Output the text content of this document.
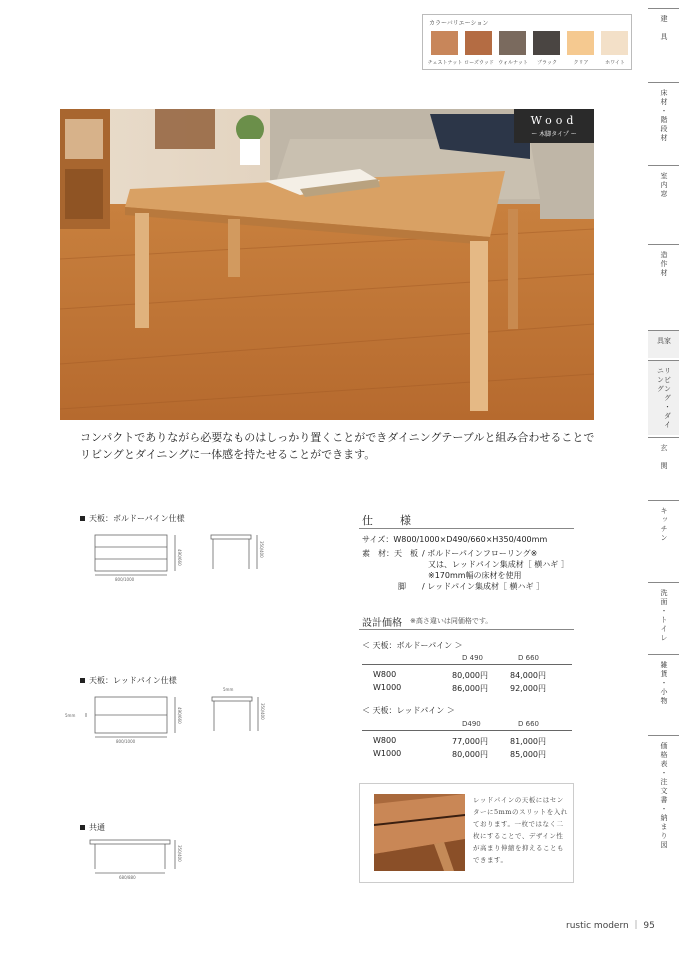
カラーバリエーション
チェストナット ローズウッド ウォルナット	ブラック	クリア	ホワイト
建　具
床材・階段材
室内窓
造作材
家　具
リビング・ダイニング
玄　関
キッチン
洗面・トイレ
雑貨・小物
価格表・注文書・納まり図
Wood
ー 木脚タイプ ー
コンパクトでありながら必要なものはしっかり置くことができダイニングテーブルと組み合わせることで
リビングとダイニングに一体感を持たせることができます。
天板：ボルドーパイン仕様
800/1000
490/660	350/400
天板：レッドパイン仕様
5mm
800/1000
490/660
5mm
350/400
共通
680/880
350/400
仕　様
サイズ：W800/1000×D490/660×H350/400mm
素　材：天　板 / ボルドーパインフローリング※
又は、レッドパイン集成材［ 横ハギ ］
※170mm幅の床材を使用
脚 / レッドパイン集成材［ 横ハギ ］
設計価格 ※高さ違いは同価格です。
＜ 天板：ボルドーパイン ＞
D 490	D 660
W800	80,000円	84,000円
W1000	86,000円	92,000円
＜ 天板：レッドパイン ＞
D490	D 660
W800	77,000円	81,000円
W1000	80,000円	85,000円
レッドパインの天板にはセンターに5mmのスリットを入れております。一枚ではなく二枚にすることで、デザイン性が高まり伸縮を抑えることもできます。
rustic modern ｜ 95
